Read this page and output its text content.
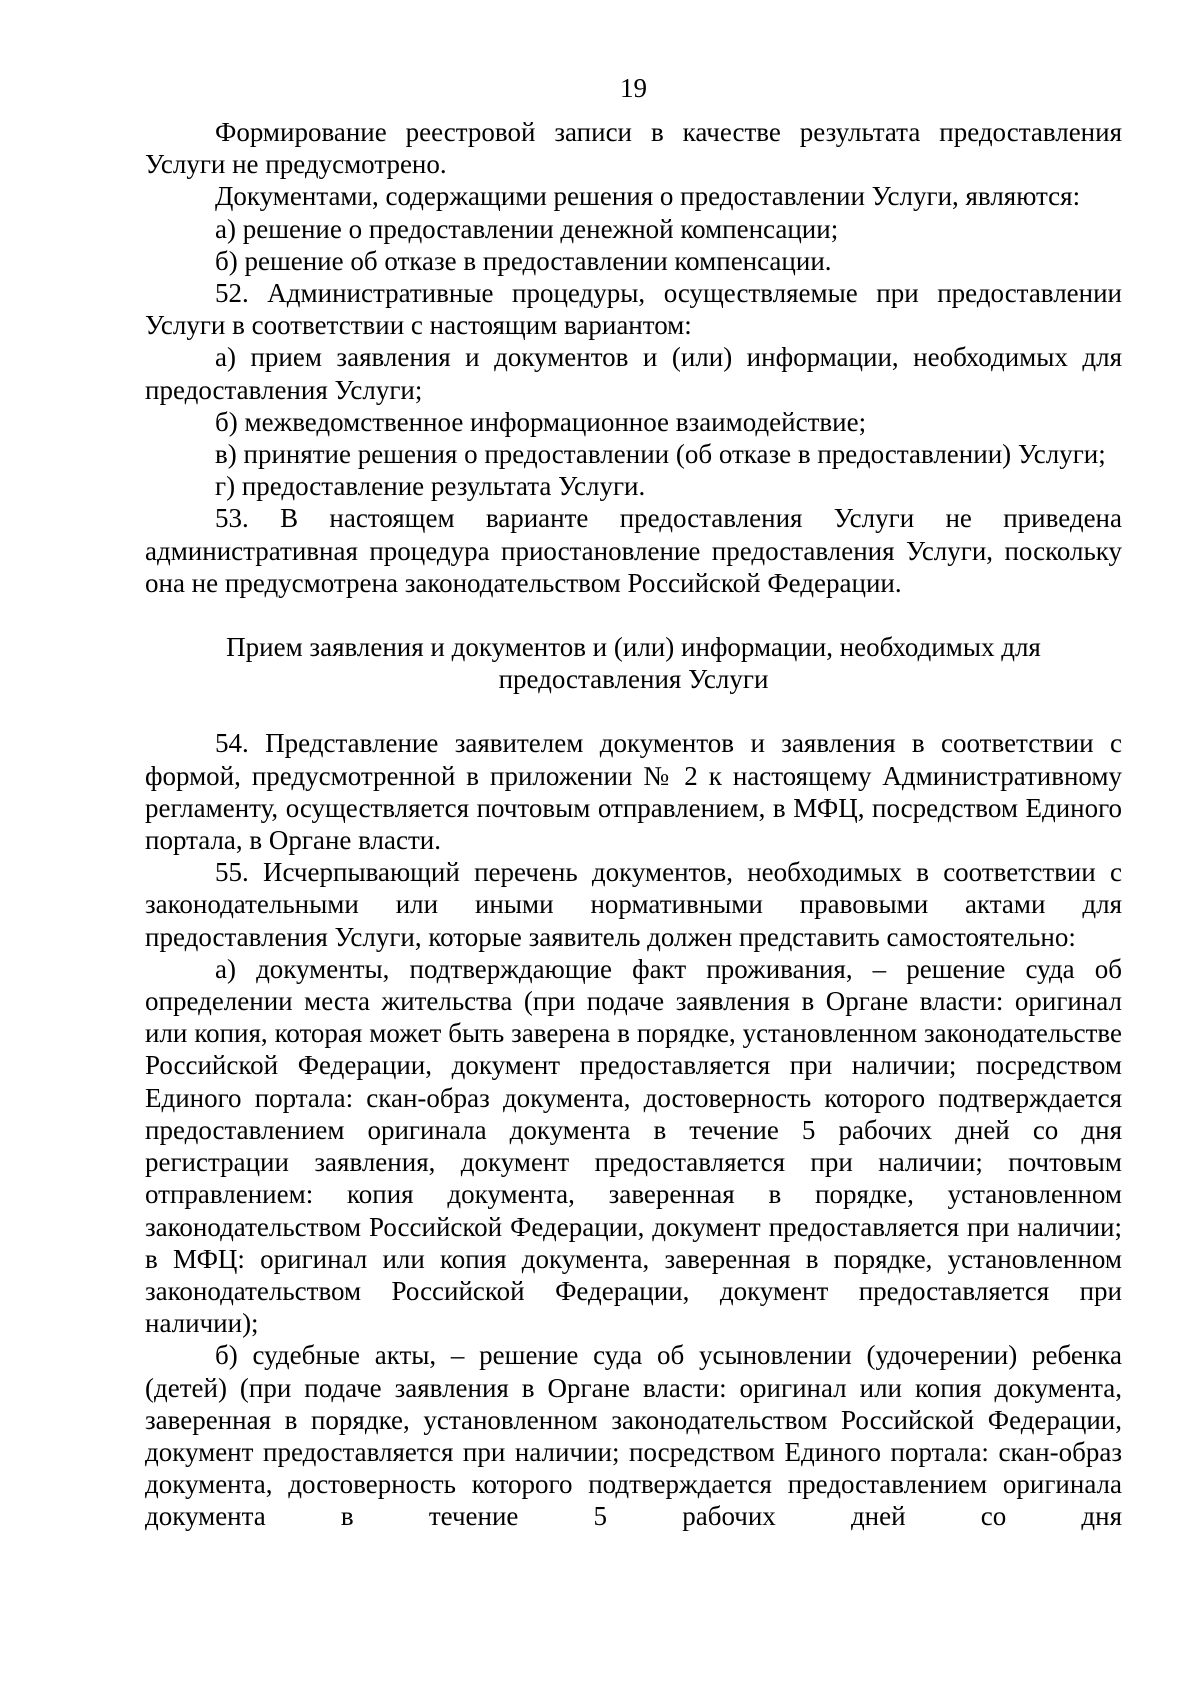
19

Формирование реестровой записи в качестве результата предоставления Услуги не предусмотрено.

Документами, содержащими решения о предоставлении Услуги, являются:

а) решение о предоставлении денежной компенсации;

б) решение об отказе в предоставлении компенсации.

52. Административные процедуры, осуществляемые при предоставлении Услуги в соответствии с настоящим вариантом:

а) прием заявления и документов и (или) информации, необходимых для предоставления Услуги;

б) межведомственное информационное взаимодействие;

в) принятие решения о предоставлении (об отказе в предоставлении) Услуги;

г) предоставление результата Услуги.

53. В настоящем варианте предоставления Услуги не приведена административная процедура приостановление предоставления Услуги, поскольку она не предусмотрена законодательством Российской Федерации.

Прием заявления и документов и (или) информации, необходимых для
предоставления Услуги

54. Представление заявителем документов и заявления в соответствии с формой, предусмотренной в приложении № 2 к настоящему Административному регламенту, осуществляется почтовым отправлением, в МФЦ, посредством Единого портала, в Органе власти.

55. Исчерпывающий перечень документов, необходимых в соответствии с законодательными или иными нормативными правовыми актами для предоставления Услуги, которые заявитель должен представить самостоятельно:

а) документы, подтверждающие факт проживания, – решение суда об определении места жительства (при подаче заявления в Органе власти: оригинал или копия, которая может быть заверена в порядке, установленном законодательстве Российской Федерации, документ предоставляется при наличии; посредством Единого портала: скан-образ документа, достоверность которого подтверждается предоставлением оригинала документа в течение 5 рабочих дней со дня регистрации заявления, документ предоставляется при наличии; почтовым отправлением: копия документа, заверенная в порядке, установленном законодательством Российской Федерации, документ предоставляется при наличии; в МФЦ: оригинал или копия документа, заверенная в порядке, установленном законодательством Российской Федерации, документ предоставляется при наличии);

б) судебные акты, – решение суда об усыновлении (удочерении) ребенка (детей) (при подаче заявления в Органе власти: оригинал или копия документа, заверенная в порядке, установленном законодательством Российской Федерации, документ предоставляется при наличии; посредством Единого портала: скан-образ документа, достоверность которого подтверждается предоставлением оригинала документа в течение 5 рабочих дней со дня
